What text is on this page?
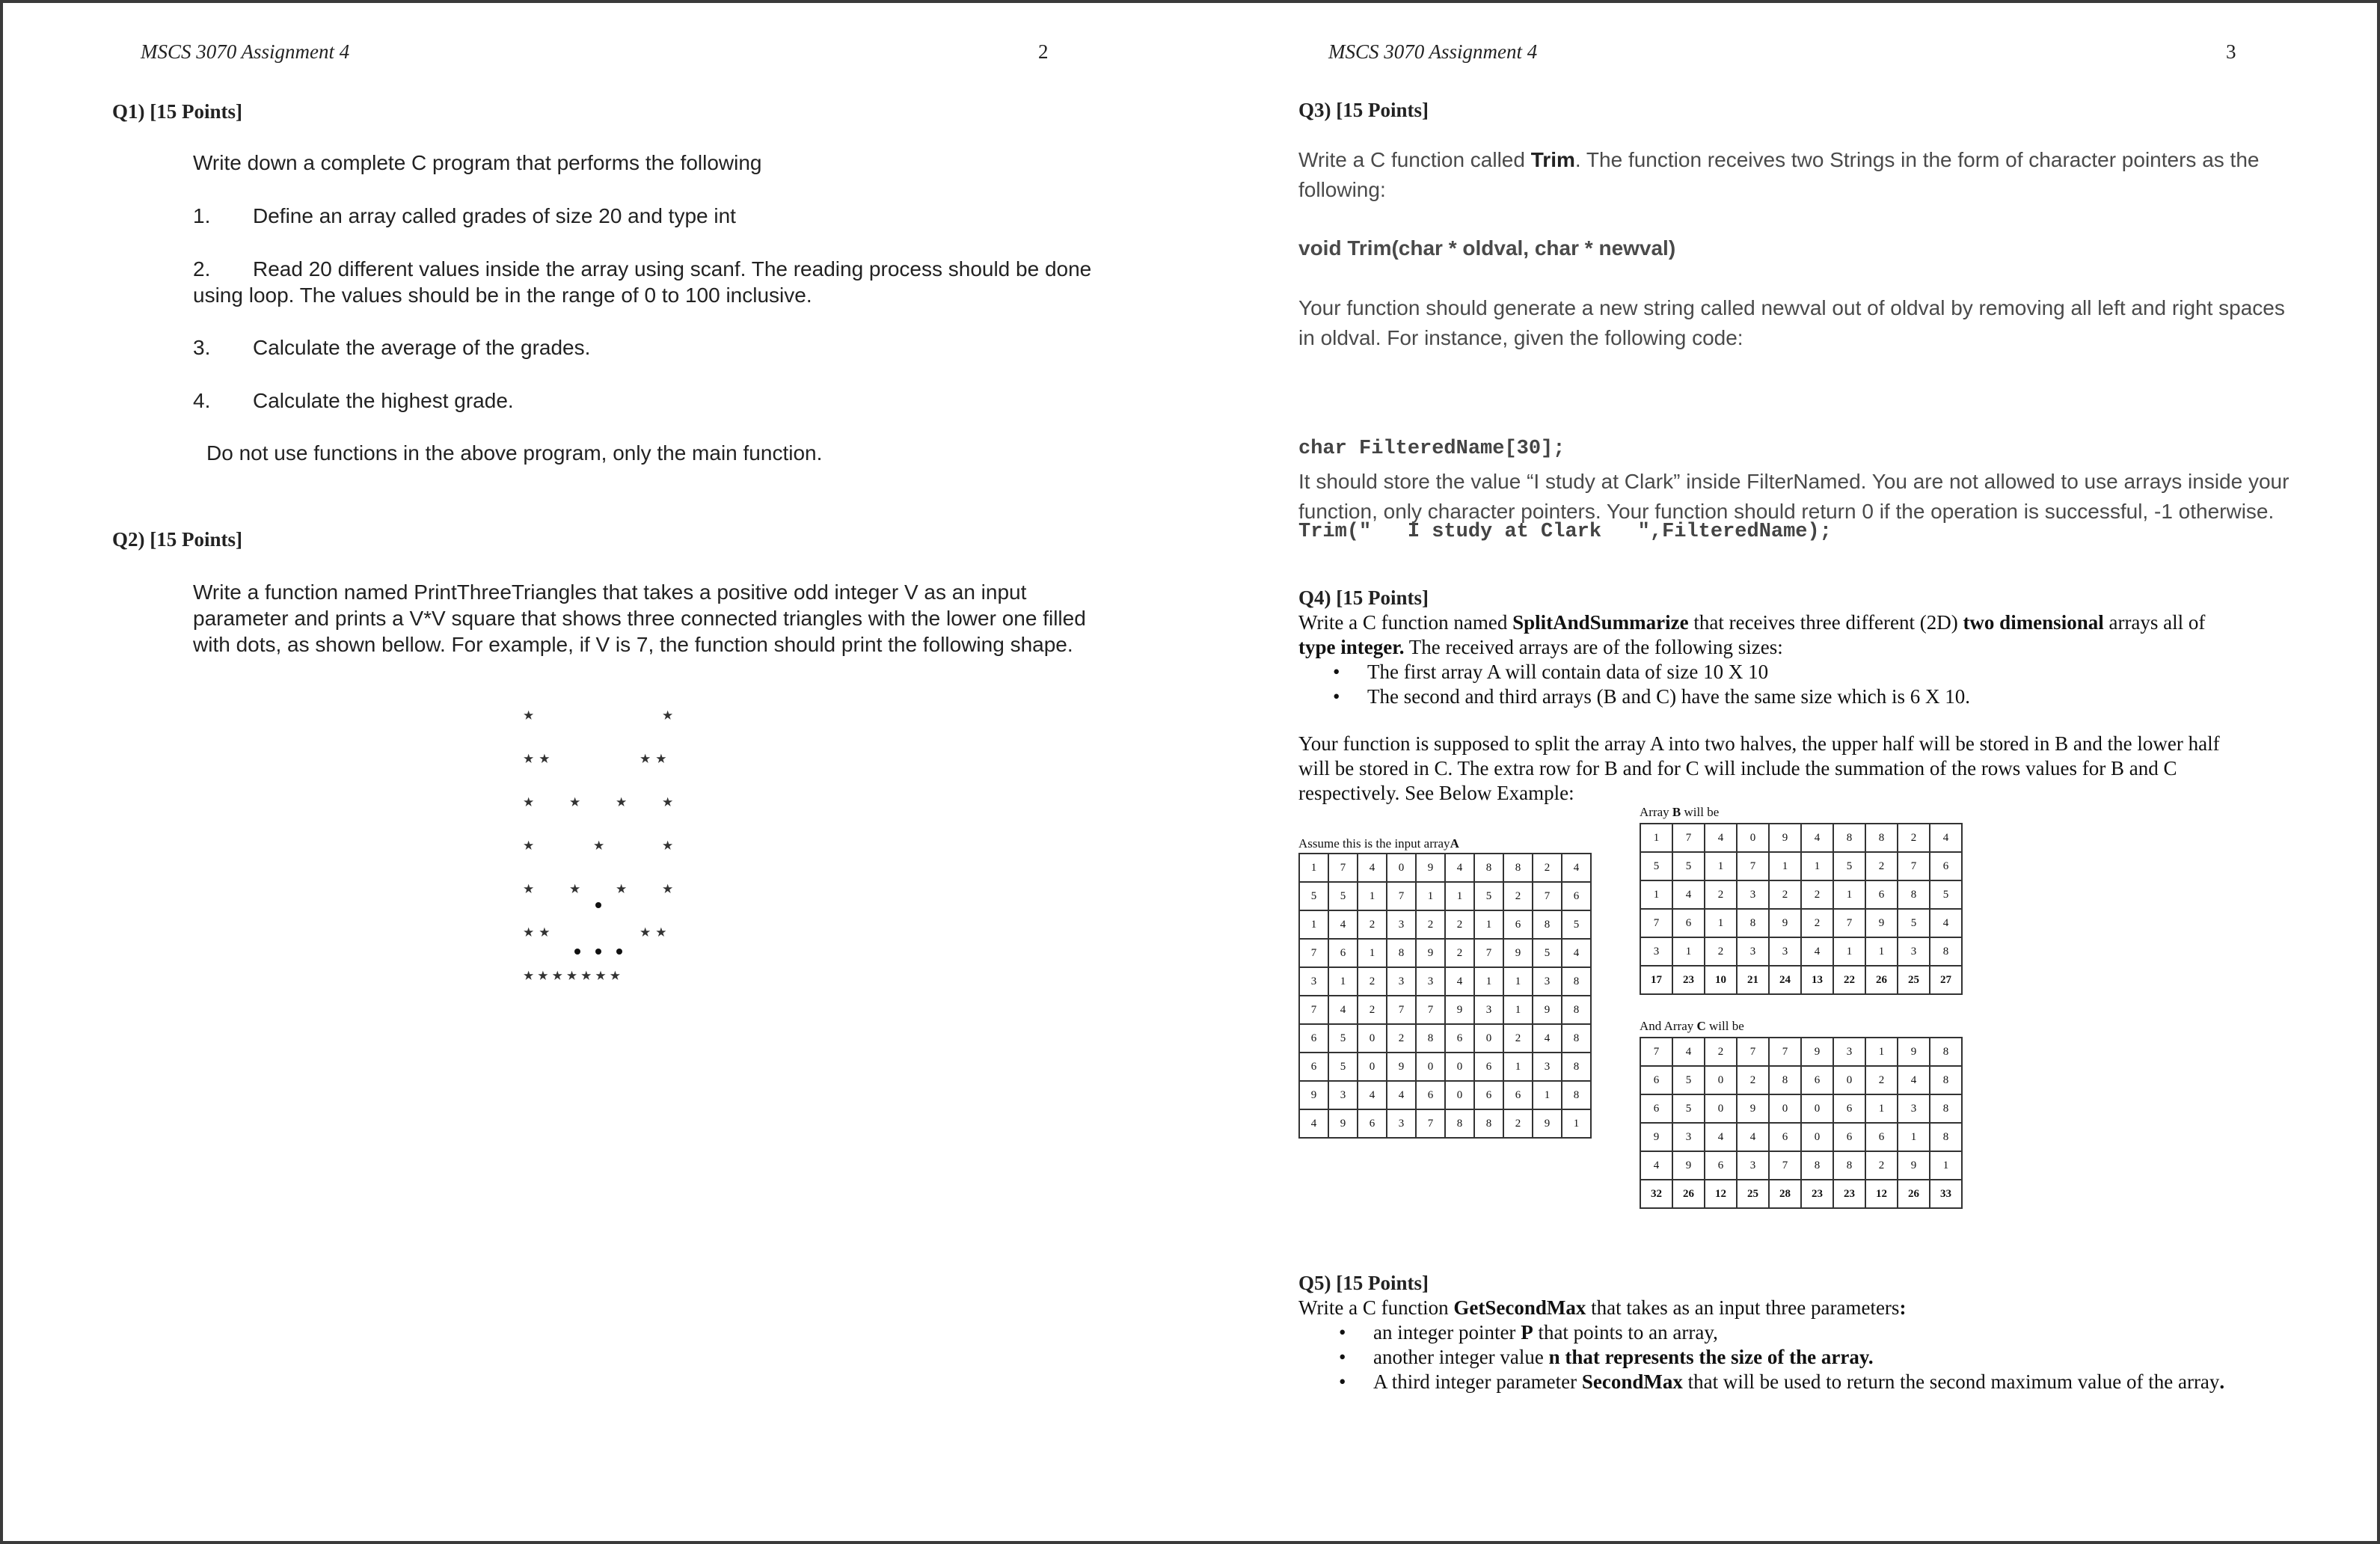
MSCS 3070 Assignment 4	2
Q1) [15 Points]
Write down a complete C program that performs the following
1. Define an array called grades of size 20 and type int
2. Read 20 different values inside the array using scanf. The reading process should be done
using loop. The values should be in the range of 0 to 100 inclusive.
3. Calculate the average of the grades.
4. Calculate the highest grade.
Do not use functions in the above program, only the main function.
Q2) [15 Points]
Write a function named PrintThreeTriangles that takes a positive odd integer V as an input
parameter and prints a V*V square that shows three connected triangles with the lower one filled
with dots, as shown bellow. For example, if V is 7, the function should print the following shape.
⋆	⋆
⋆⋆	⋆⋆
⋆ ⋆ ⋆ ⋆
⋆ ⋆ ⋆
⋆ ⋆ ⋆ ⋆
⋆⋆	⋆⋆
⋆⋆⋆⋆⋆⋆⋆
MSCS 3070 Assignment 4	3
Q3) [15 Points]
Write a C function called Trim. The function receives two Strings in the form of character pointers as the
following:
void Trim(char * oldval, char * newval)
Your function should generate a new string called newval out of oldval by removing all left and right spaces
in oldval. For instance, given the following code:

char FilteredName[30];

Trim("   I study at Clark   ",FilteredName);

It should store the value “I study at Clark” inside FilterNamed. You are not allowed to use arrays inside your
function, only character pointers. Your function should return 0 if the operation is successful, -1 otherwise.
Q4) [15 Points]
Write a C function named SplitAndSummarize that receives three different (2D) two dimensional arrays all of
type integer. The received arrays are of the following sizes:
• The first array A will contain data of size 10 X 10
• The second and third arrays (B and C) have the same size which is 6 X 10.
Your function is supposed to split the array A into two halves, the upper half will be stored in B and the lower half
will be stored in C. The extra row for B and for C will include the summation of the rows values for B and C
respectively. See Below Example:
Assume this is the input arrayA
1	7	4	0	9	4	8	8	2	4
5	5	1	7	1	1	5	2	7	6
1	4	2	3	2	2	1	6	8	5
7	6	1	8	9	2	7	9	5	4
3	1	2	3	3	4	1	1	3	8
7	4	2	7	7	9	3	1	9	8
6	5	0	2	8	6	0	2	4	8
6	5	0	9	0	0	6	1	3	8
9	3	4	4	6	0	6	6	1	8
4	9	6	3	7	8	8	2	9	1
Array B will be
1	7	4	0	9	4	8	8	2	4
5	5	1	7	1	1	5	2	7	6
1	4	2	3	2	2	1	6	8	5
7	6	1	8	9	2	7	9	5	4
3	1	2	3	3	4	1	1	3	8
17	23	10	21	24	13	22	26	25	27
And Array C will be
7	4	2	7	7	9	3	1	9	8
6	5	0	2	8	6	0	2	4	8
6	5	0	9	0	0	6	1	3	8
9	3	4	4	6	0	6	6	1	8
4	9	6	3	7	8	8	2	9	1
32	26	12	25	28	23	23	12	26	33
Q5) [15 Points]
Write a C function GetSecondMax that takes as an input three parameters:
• an integer pointer P that points to an array,
• another integer value n that represents the size of the array.
• A third integer parameter SecondMax that will be used to return the second maximum value of the array.
